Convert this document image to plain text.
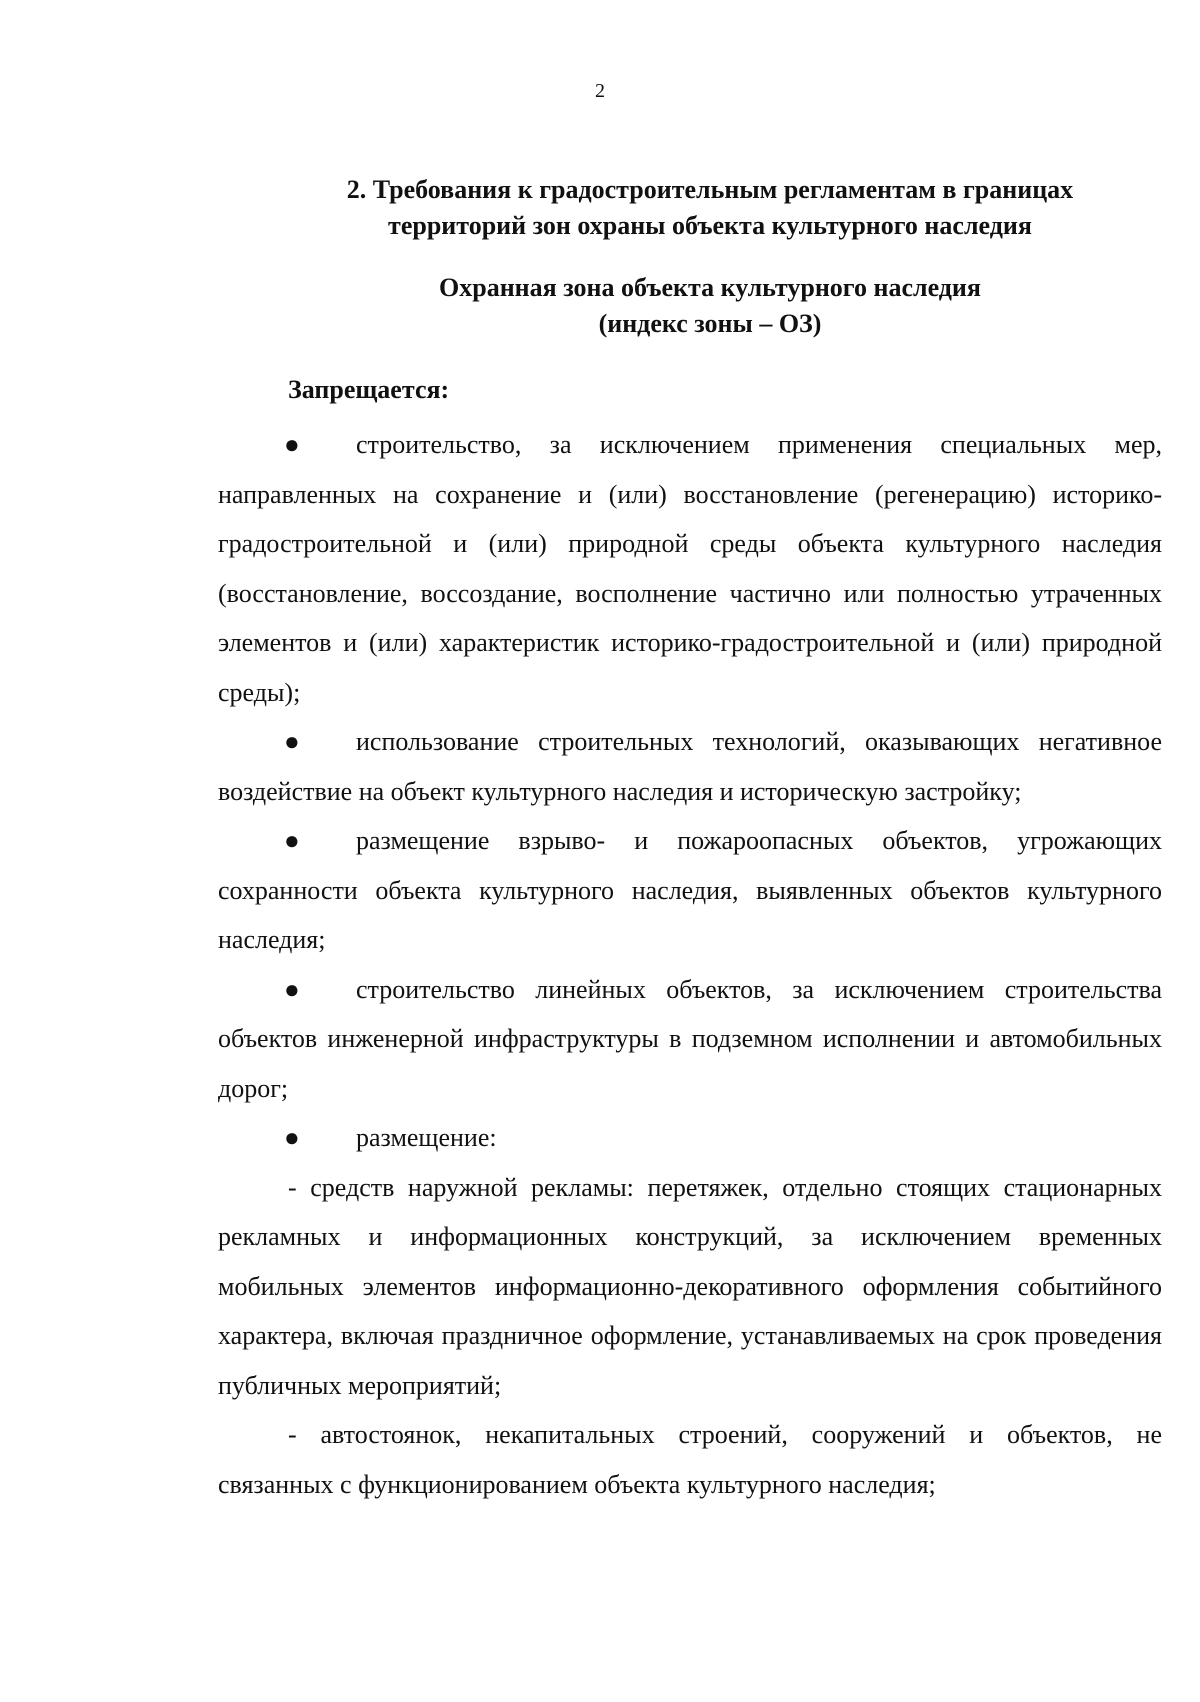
2
2. Требования к градостроительным регламентам в границах
территорий зон охраны объекта культурного наследия
Охранная зона объекта культурного наследия
(индекс зоны – ОЗ)
Запрещается:
● строительство, за исключением применения специальных мер, направленных на сохранение и (или) восстановление (регенерацию) историко-градостроительной и (или) природной среды объекта культурного наследия (восстановление, воссоздание, восполнение частично или полностью утраченных элементов и (или) характеристик историко-градостроительной и (или) природной среды);
● использование строительных технологий, оказывающих негативное воздействие на объект культурного наследия и историческую застройку;
● размещение взрыво- и пожароопасных объектов, угрожающих сохранности объекта культурного наследия, выявленных объектов культурного наследия;
● строительство линейных объектов, за исключением строительства объектов инженерной инфраструктуры в подземном исполнении и автомобильных дорог;
● размещение:
- средств наружной рекламы: перетяжек, отдельно стоящих стационарных рекламных и информационных конструкций, за исключением временных мобильных элементов информационно-декоративного оформления событийного характера, включая праздничное оформление, устанавливаемых на срок проведения публичных мероприятий;
- автостоянок, некапитальных строений, сооружений и объектов, не связанных с функционированием объекта культурного наследия;
